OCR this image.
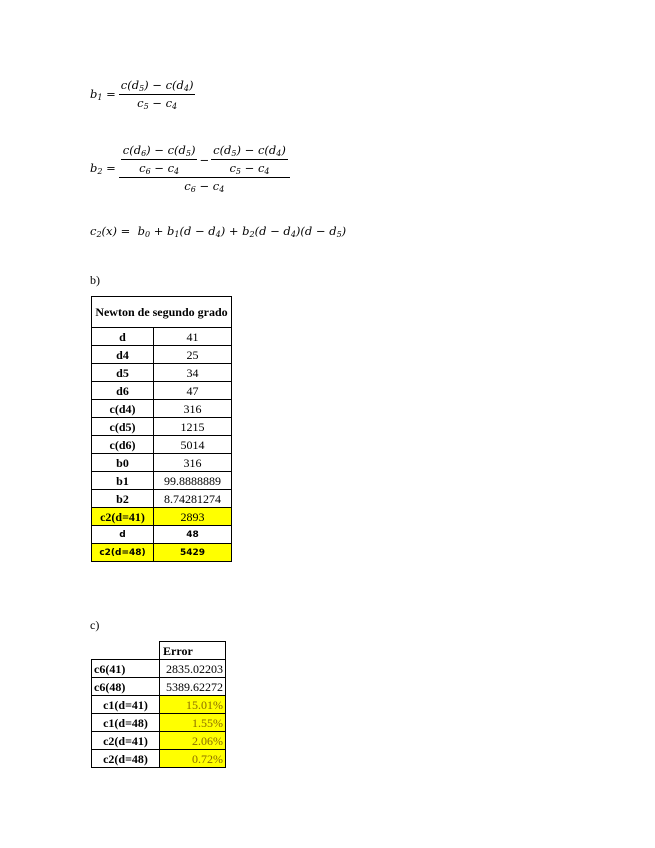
$b_1 = \frac{c(d_5) - c(d_4)}{c_5 - c_4}$
$b_2 = \frac{c(d_6) - c(d_5)}{c_6 - c_4} - \frac{c(d_5) - c(d_4)}{c_5 - c_4}$
$c_6 - c_4$
$c_2(x) = b_0 + b_1(d - d_4) + b_2(d - d_4)(d - d_5)$
b)
Newton de segundo grado	
d	41
d4	25
d5	34
d6	47
c(d4)	316
c(d5)	1215
c(d6)	5014
b0	316
b1	99.8888889
b2	8.74281274
c2(d=41)	2893
d	48
c2(d=48)	5429
c)
	Error
c6(41)	2835.02203
c6(48)	5389.62272
c1(d=41)	15.01%
c1(d=48)	1.55%
c2(d=41)	2.06%
c2(d=48)	0.72%
